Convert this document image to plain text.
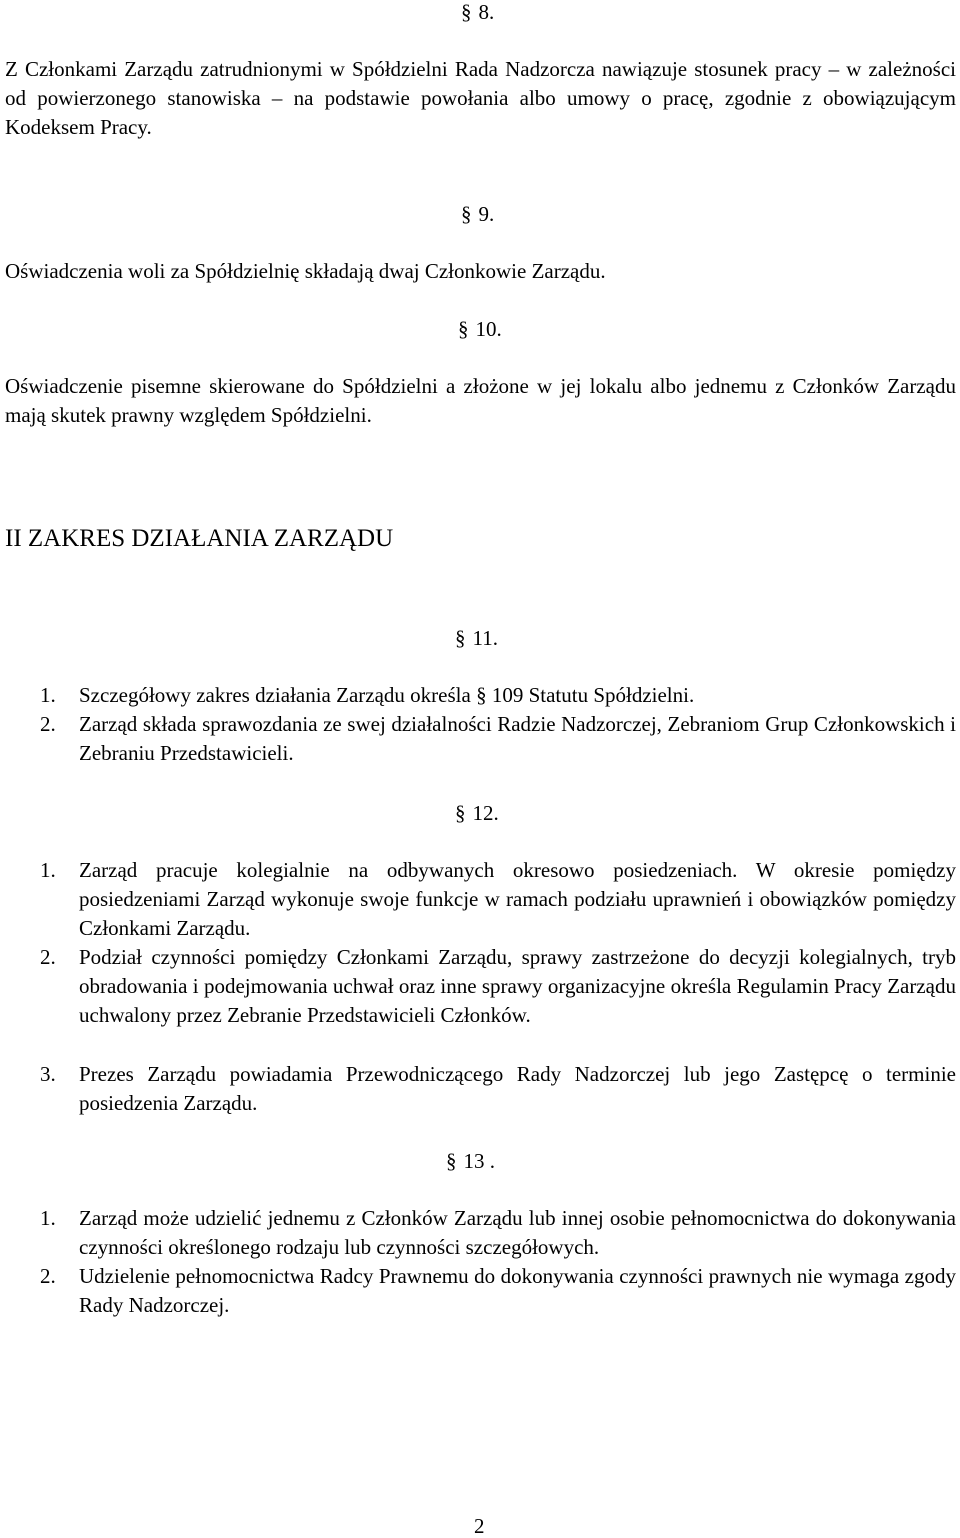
§ 8.
Z Członkami Zarządu zatrudnionymi w Spółdzielni Rada Nadzorcza nawiązuje stosunek pracy – w zależności od powierzonego stanowiska – na podstawie powołania albo umowy o pracę, zgodnie z obowiązującym Kodeksem Pracy.
§ 9.
Oświadczenia woli za Spółdzielnię składają dwaj Członkowie Zarządu.
§ 10.
Oświadczenie pisemne skierowane do Spółdzielni a złożone w jej lokalu albo jednemu z Członków Zarządu mają skutek prawny względem Spółdzielni.
II ZAKRES DZIAŁANIA ZARZĄDU
§ 11.
1. Szczegółowy zakres działania Zarządu określa § 109 Statutu Spółdzielni.
2. Zarząd składa sprawozdania ze swej działalności Radzie Nadzorczej, Zebraniom Grup Członkowskich i Zebraniu Przedstawicieli.
§ 12.
1. Zarząd pracuje kolegialnie na odbywanych okresowo posiedzeniach. W okresie pomiędzy posiedzeniami Zarząd wykonuje swoje funkcje w ramach podziału uprawnień i obowiązków pomiędzy Członkami Zarządu.
2. Podział czynności pomiędzy Członkami Zarządu, sprawy zastrzeżone do decyzji kolegialnych, tryb obradowania i podejmowania uchwał oraz inne sprawy organizacyjne określa Regulamin Pracy Zarządu uchwalony przez Zebranie Przedstawicieli Członków.
3. Prezes Zarządu powiadamia Przewodniczącego Rady Nadzorczej lub jego Zastępcę o terminie posiedzenia Zarządu.
§ 13 .
1. Zarząd może udzielić jednemu z Członków Zarządu lub innej osobie pełnomocnictwa do dokonywania czynności określonego rodzaju lub czynności szczegółowych.
2. Udzielenie pełnomocnictwa Radcy Prawnemu do dokonywania czynności prawnych nie wymaga zgody Rady Nadzorczej.
2
